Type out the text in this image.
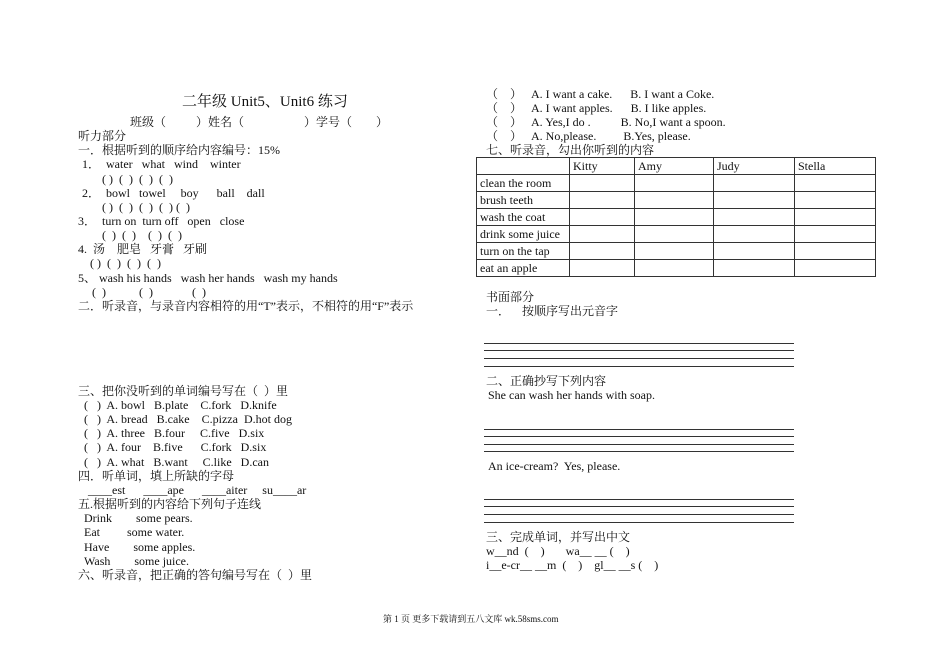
二年级 Unit5、Unit6 练习
班级（          ）姓名（                    ）学号（        ）
听力部分
一．根据听到的顺序给内容编号：15%
1．  water   what   wind    winter
( )  (  )  (  )  (  )
2．  bowl   towel     boy      ball    dall
( )  (  )  (  )  (  ) (  )
3．  turn on  turn off   open   close
(  )  (  )    (  )  (  )
4.  汤    肥皂   牙膏   牙刷
( )  (  )  (  )  (  )
5、 wash his hands   wash her hands   wash my hands
(  )           (  )             (  )
二．听录音，与录音内容相符的用“T”表示，不相符的用“F”表示
三、把你没听到的单词编号写在（  ）里
(   )  A. bowl   B.plate    C.fork   D.knife
(   )  A. bread   B.cake    C.pizza  D.hot dog
(   )  A. three   B.four     C.five   D.six
(   )  A. four    B.five      C.fork   D.six
(   )  A. what   B.want     C.like   D.can
四．听单词，填上所缺的字母
____est      ____ape      ____aiter     su____ar
五.根据听到的内容给下列句子连线
Drink        some pears.
Eat         some water.
Have        some apples.
Wash        some juice.
六、听录音，把正确的答句编号写在（  ）里
（    ）   A. I want a cake.      B. I want a Coke.
（    ）   A. I want apples.      B. I like apples.
（    ）   A. Yes,I do .          B. No,I want a spoon.
（    ）   A. No,please.         B.Yes, please.
七、听录音，勾出你听到的内容
	Kitty	Amy	Judy	Stella
clean the room				
brush teeth				
wash the coat				
drink some juice				
turn on the tap				
eat an apple				
书面部分
一．    按顺序写出元音字
二、正确抄写下列内容
She can wash her hands with soap.
An ice-cream?  Yes, please.
三、完成单词，并写出中文
w__nd  (    )       wa__ __ (    )
i__e-cr__ __m  (    )    gl__ __s (    )
第 1 页 更多下载请到五八文库 wk.58sms.com
